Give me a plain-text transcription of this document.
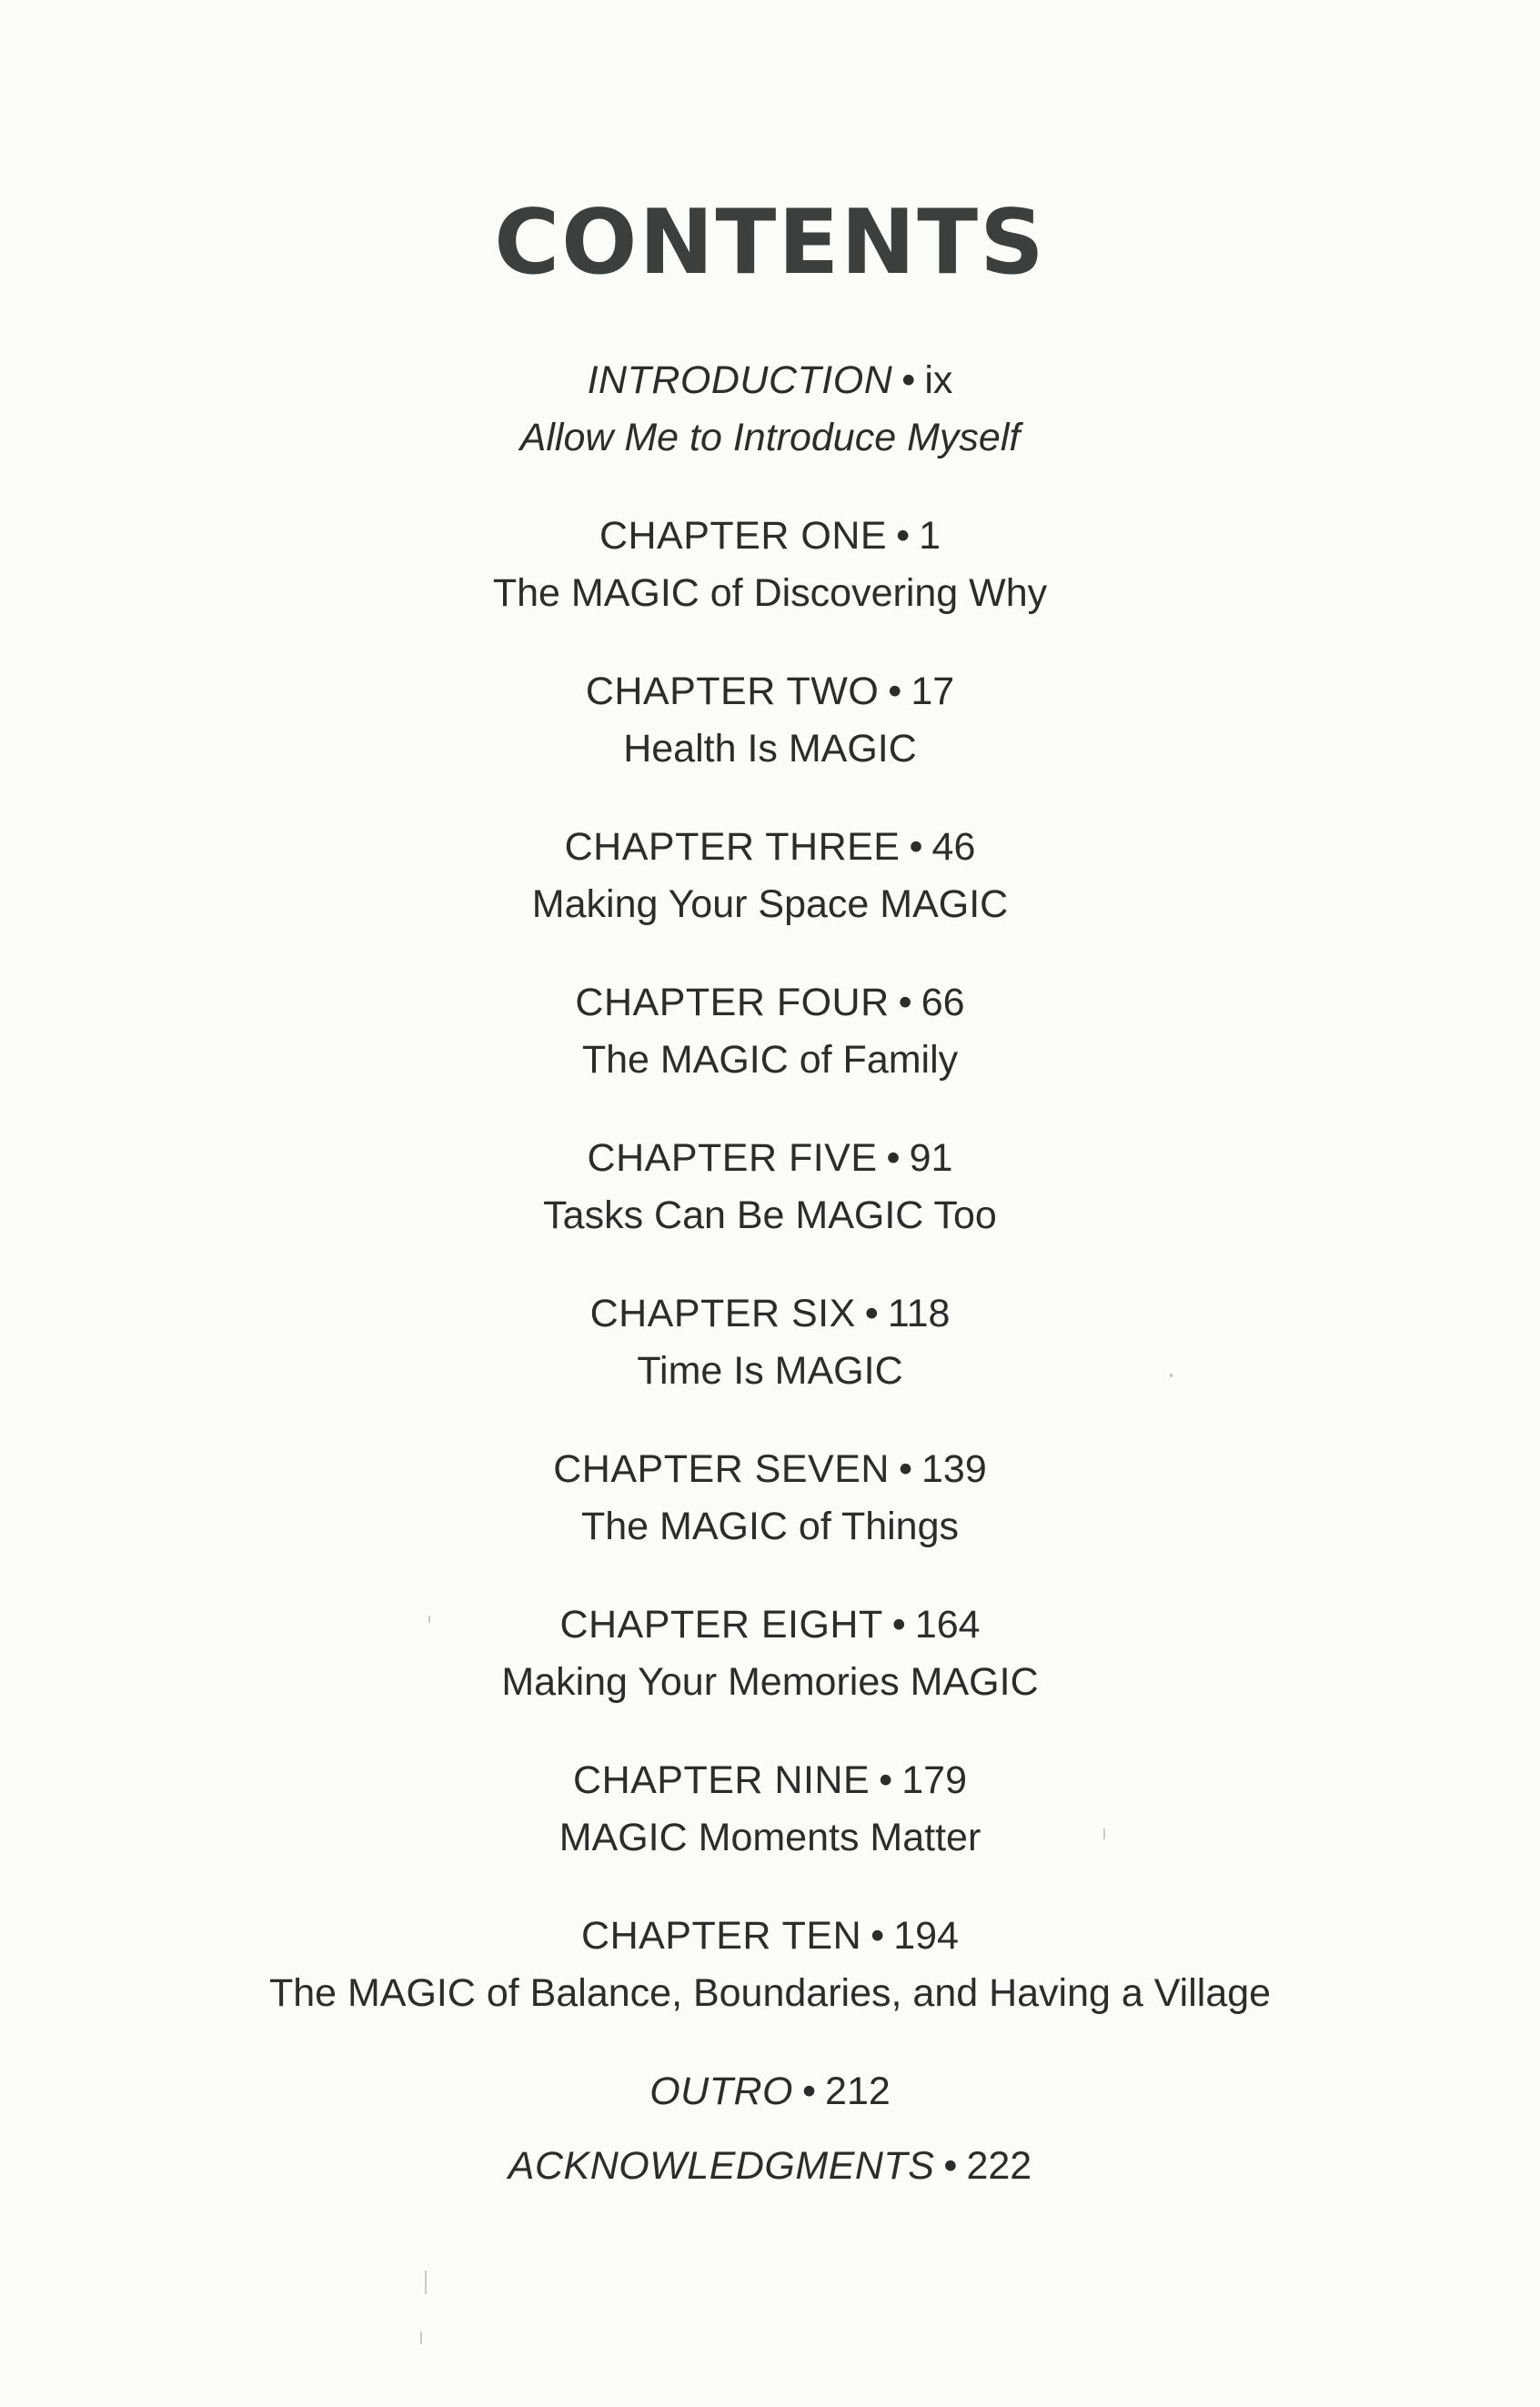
CONTENTS
INTRODUCTION • ix
Allow Me to Introduce Myself
CHAPTER ONE • 1
The MAGIC of Discovering Why
CHAPTER TWO • 17
Health Is MAGIC
CHAPTER THREE • 46
Making Your Space MAGIC
CHAPTER FOUR • 66
The MAGIC of Family
CHAPTER FIVE • 91
Tasks Can Be MAGIC Too
CHAPTER SIX • 118
Time Is MAGIC
CHAPTER SEVEN • 139
The MAGIC of Things
CHAPTER EIGHT • 164
Making Your Memories MAGIC
CHAPTER NINE • 179
MAGIC Moments Matter
CHAPTER TEN • 194
The MAGIC of Balance, Boundaries, and Having a Village
OUTRO • 212
ACKNOWLEDGMENTS • 222
